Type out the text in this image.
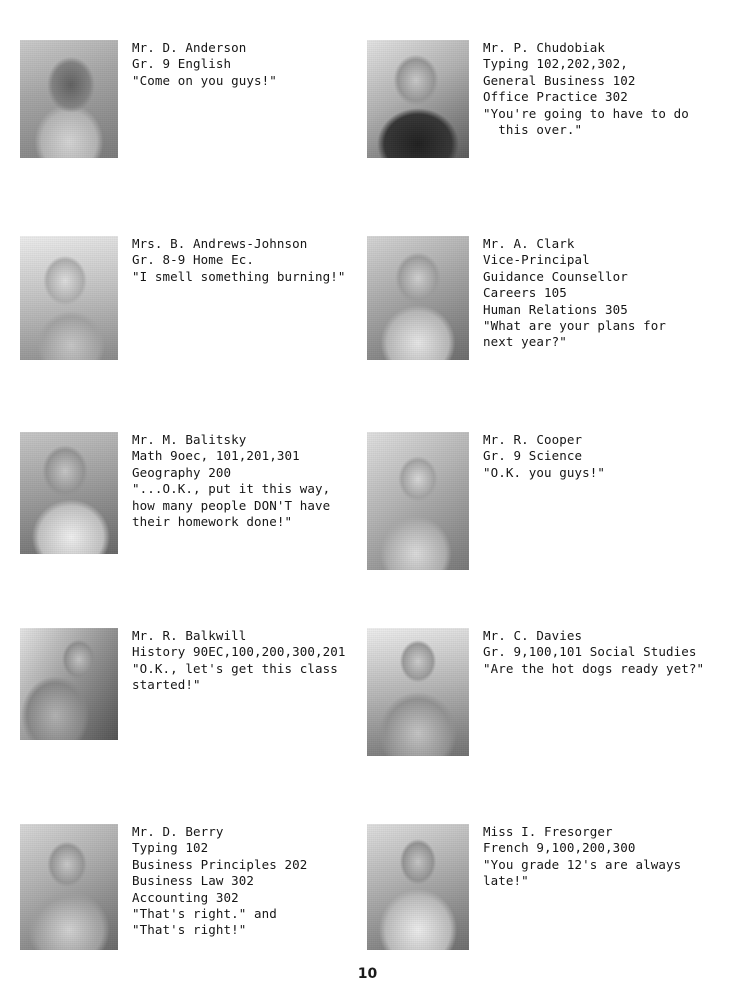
Mr. D. Anderson
Gr. 9 English
"Come on you guys!"
Mr. P. Chudobiak
Typing 102,202,302,
General Business 102
Office Practice 302
"You're going to have to do
this over."
Mrs. B. Andrews-Johnson
Gr. 8-9 Home Ec.
"I smell something burning!"
Mr. A. Clark
Vice-Principal
Guidance Counsellor
Careers 105
Human Relations 305
"What are your plans for
next year?"
Mr. M. Balitsky
Math 9oec, 101,201,301
Geography 200
"...O.K., put it this way,
how many people DON'T have
their homework done!"
Mr. R. Cooper
Gr. 9 Science
"O.K. you guys!"
Mr. R. Balkwill
History 90EC,100,200,300,201
"O.K., let's get this class
started!"
Mr. C. Davies
Gr. 9,100,101 Social Studies
"Are the hot dogs ready yet?"
Mr. D. Berry
Typing 102
Business Principles 202
Business Law 302
Accounting 302
"That's right." and
"That's right!"
Miss I. Fresorger
French 9,100,200,300
"You grade 12's are always
late!"
10
